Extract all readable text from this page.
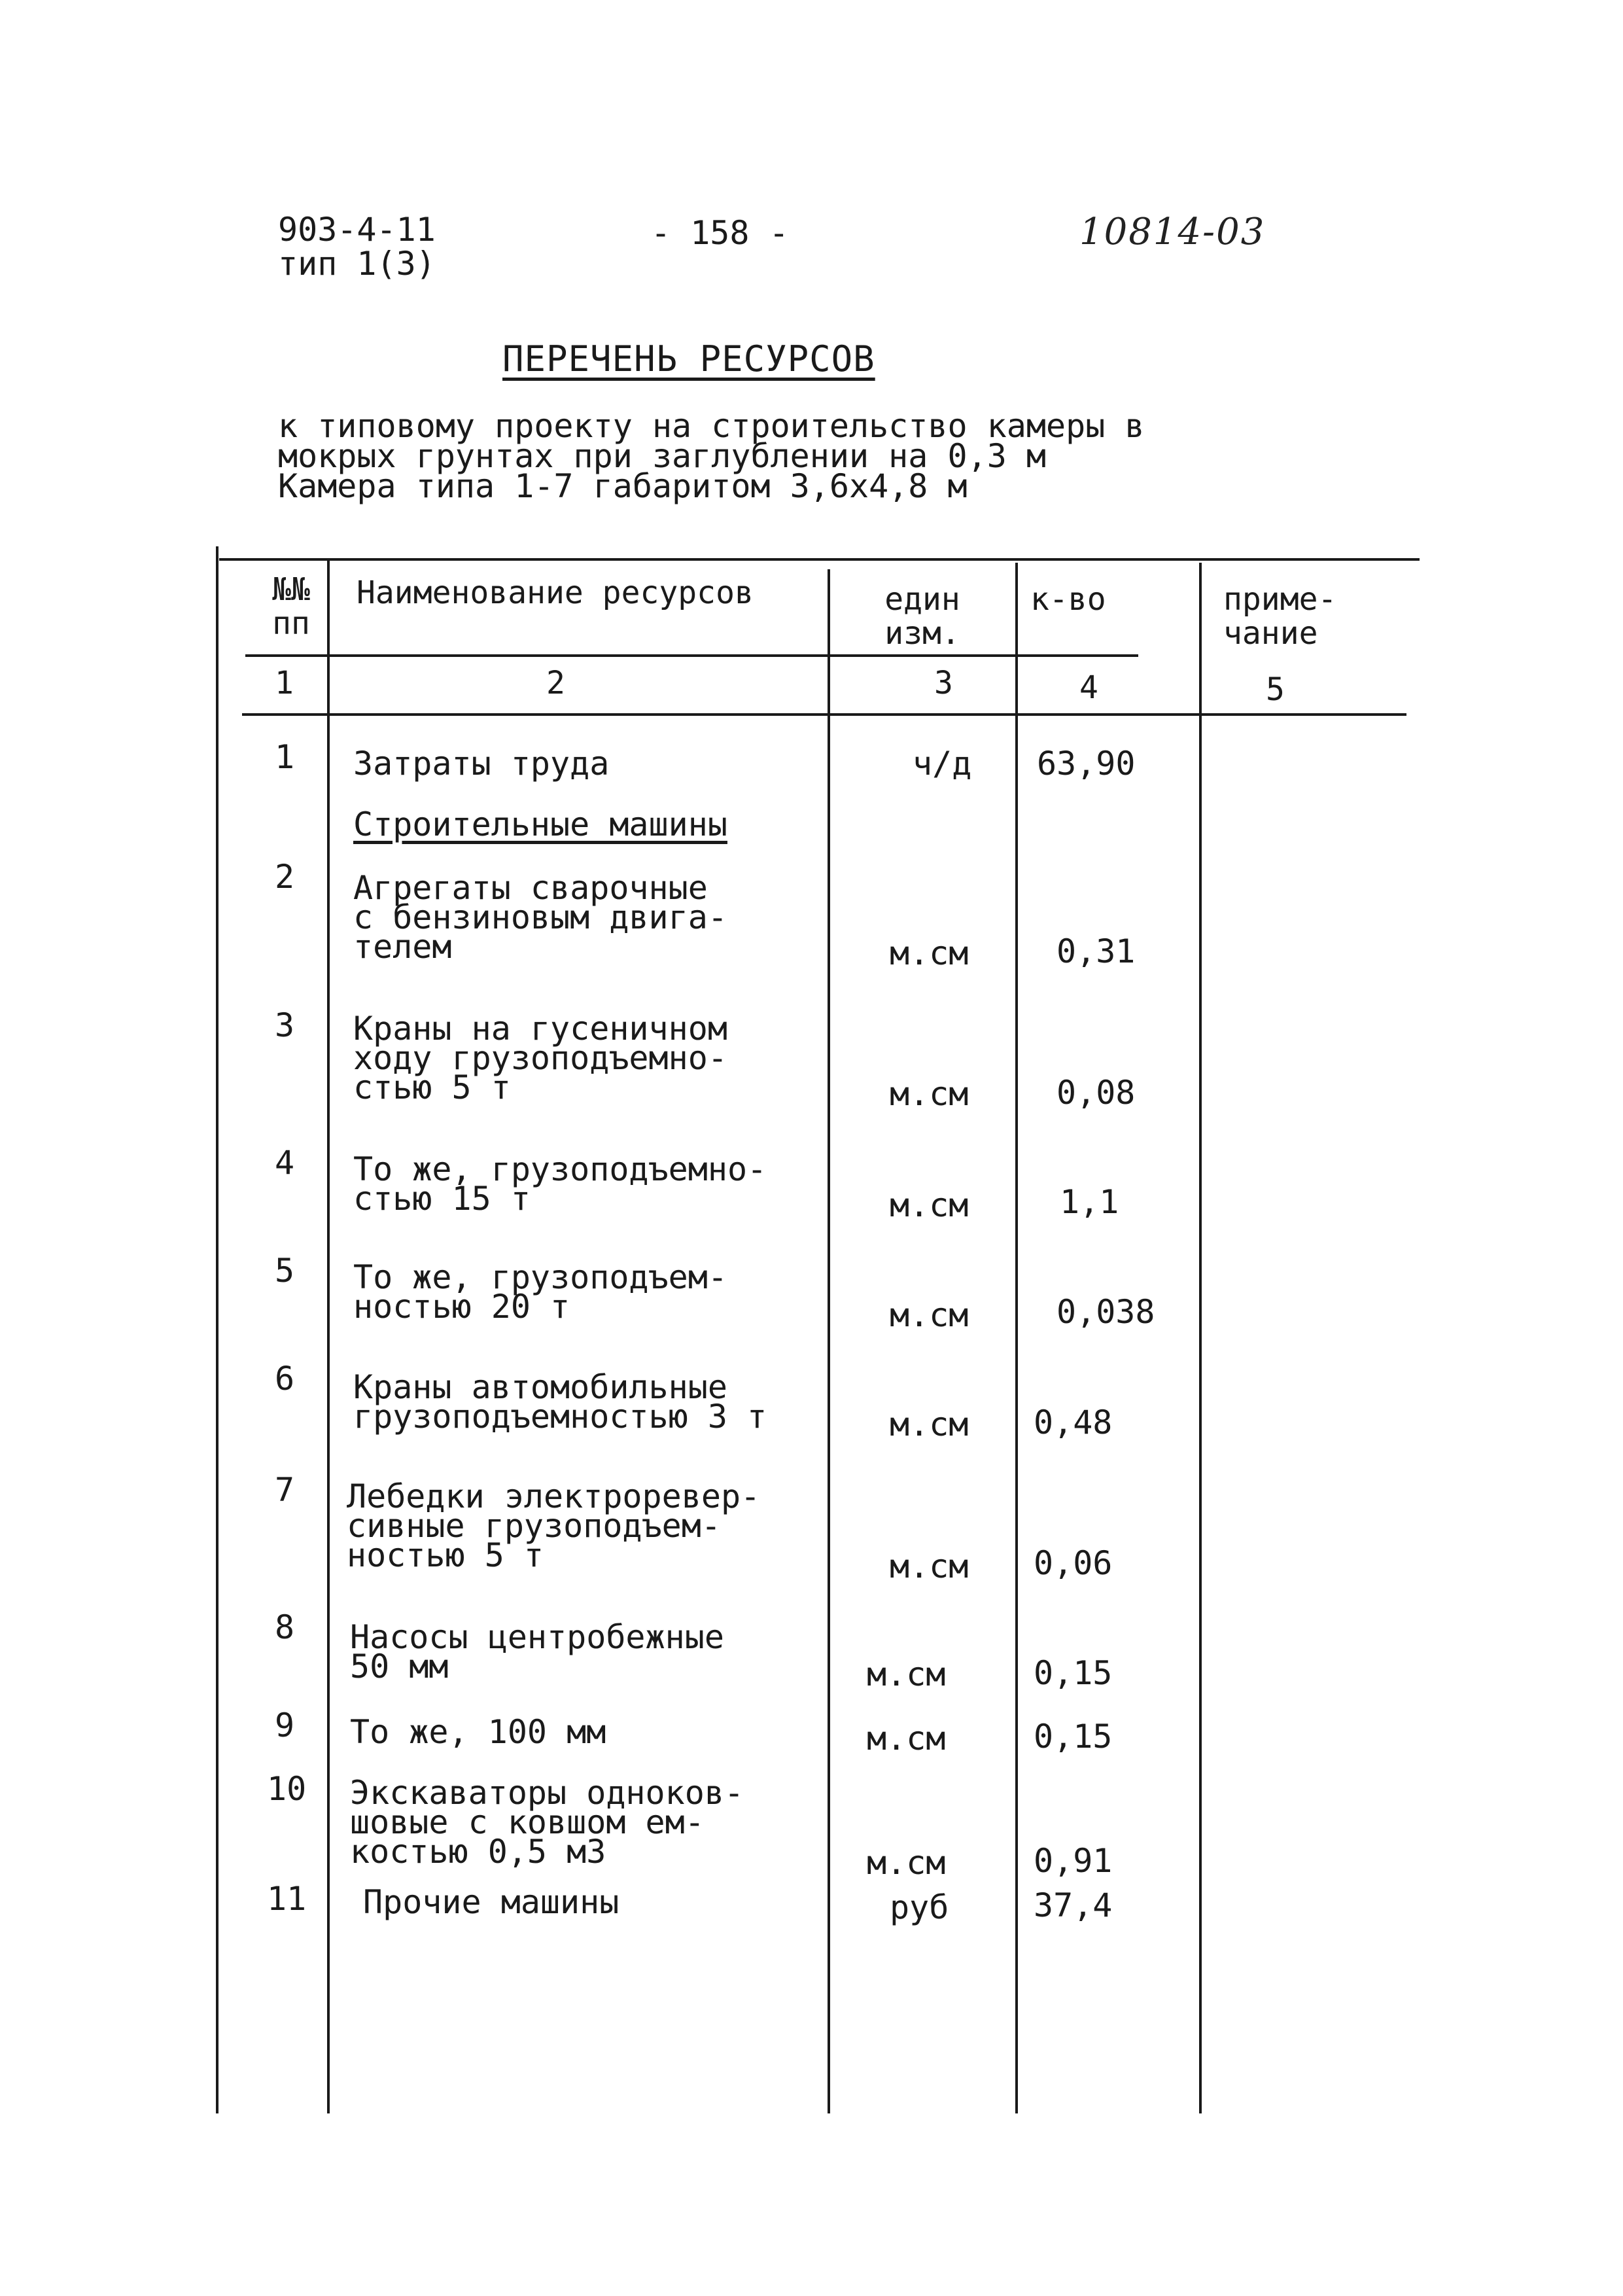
903-4-11
тип 1(3)
- 158 -	10814-03
ПЕРЕЧЕНЬ РЕСУРСОВ
к типовому проекту на строительство камеры в
мокрых грунтах при заглублении на 0,3 м
Камера типа 1-7 габаритом 3,6х4,8 м
№№
пп
Наименование ресурсов	един
изм.
к-во	приме-
чание
1	2	3	4	5
1 Затраты труда	ч/д 63,90
Строительные машины
2 Агрегаты сварочные
с бензиновым двига-
телем	м.см	0,31
3 Краны на гусеничном
ходу грузоподъемно-
стью 5 т	м.см	0,08
4 То же, грузоподъемно-
стью 15 т	м.см	1,1
5 То же, грузоподъем-
ностью 20 т	м.см	0,038
6 Краны автомобильные
грузоподъемностью 3 т	м.см 0,48
7 Лебедки электроревер-
сивные грузоподъем-
ностью 5 т	м.см 0,06
8 Насосы центробежные
50 мм	м.см	0,15
9 То же, 100 мм	м.см	0,15
10 Экскаваторы одноков-
шовые с ковшом ем-
костью 0,5 м3	м.см	0,91
11 Прочие машины	руб	37,4
